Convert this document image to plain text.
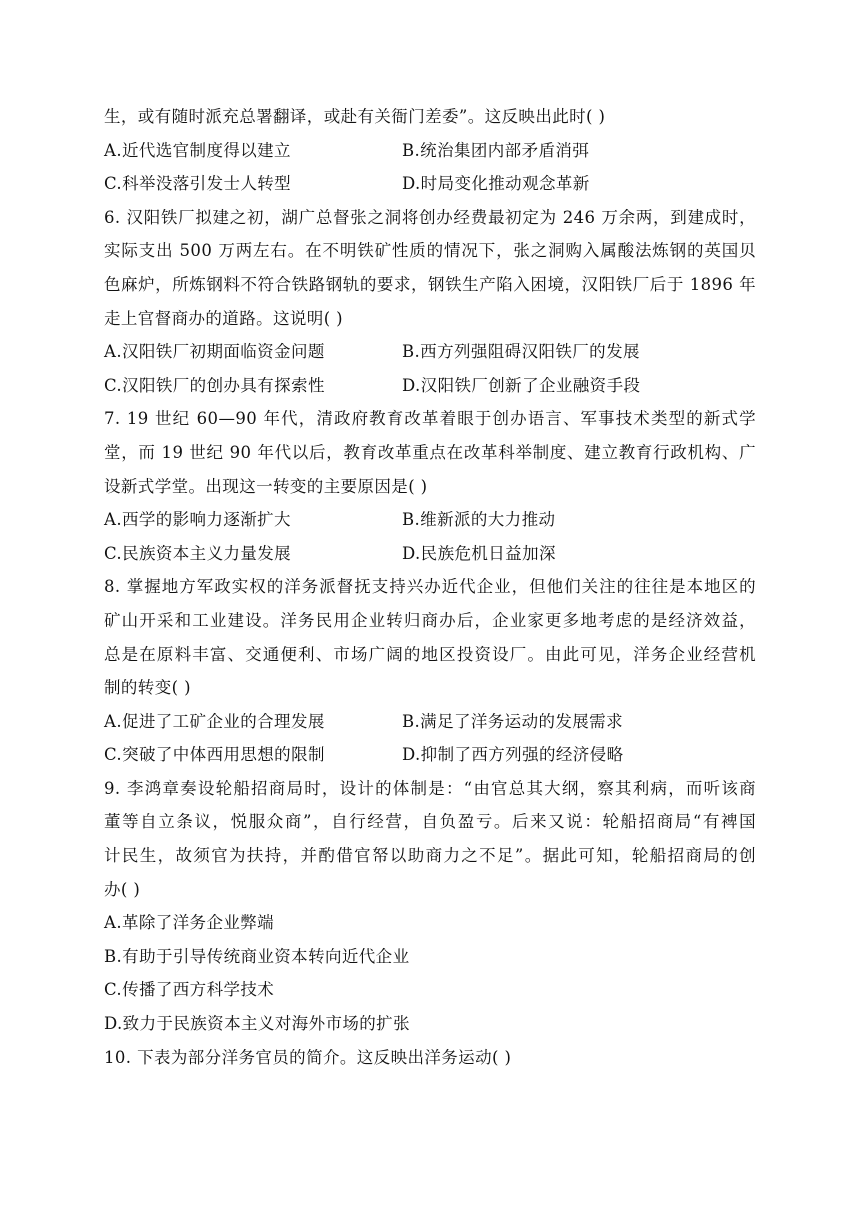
生，或有随时派充总署翻译，或赴有关衙门差委”。这反映出此时( )
A.近代选官制度得以建立	B.统治集团内部矛盾消弭
C.科举没落引发士人转型	D.时局变化推动观念革新
6. 汉阳铁厂拟建之初，湖广总督张之洞将创办经费最初定为 246 万余两，到建成时，
实际支出 500 万两左右。在不明铁矿性质的情况下，张之洞购入属酸法炼钢的英国贝
色麻炉，所炼钢料不符合铁路钢轨的要求，钢铁生产陷入困境，汉阳铁厂后于 1896 年
走上官督商办的道路。这说明( )
A.汉阳铁厂初期面临资金问题	B.西方列强阻碍汉阳铁厂的发展
C.汉阳铁厂的创办具有探索性	D.汉阳铁厂创新了企业融资手段
7. 19 世纪 60—90 年代，清政府教育改革着眼于创办语言、军事技术类型的新式学
堂，而 19 世纪 90 年代以后，教育改革重点在改革科举制度、建立教育行政机构、广
设新式学堂。出现这一转变的主要原因是( )
A.西学的影响力逐渐扩大	B.维新派的大力推动
C.民族资本主义力量发展	D.民族危机日益加深
8. 掌握地方军政实权的洋务派督抚支持兴办近代企业，但他们关注的往往是本地区的
矿山开采和工业建设。洋务民用企业转归商办后，企业家更多地考虑的是经济效益，
总是在原料丰富、交通便利、市场广阔的地区投资设厂。由此可见，洋务企业经营机
制的转变( )
A.促进了工矿企业的合理发展	B.满足了洋务运动的发展需求
C.突破了中体西用思想的限制	D.抑制了西方列强的经济侵略
9. 李鸿章奏设轮船招商局时，设计的体制是：“由官总其大纲，察其利病，而听该商
董等自立条议，悦服众商”，自行经营，自负盈亏。后来又说：轮船招商局“有裨国
计民生，故须官为扶持，并酌借官帑以助商力之不足”。据此可知，轮船招商局的创
办( )
A.革除了洋务企业弊端
B.有助于引导传统商业资本转向近代企业
C.传播了西方科学技术
D.致力于民族资本主义对海外市场的扩张
10. 下表为部分洋务官员的简介。这反映出洋务运动( )
